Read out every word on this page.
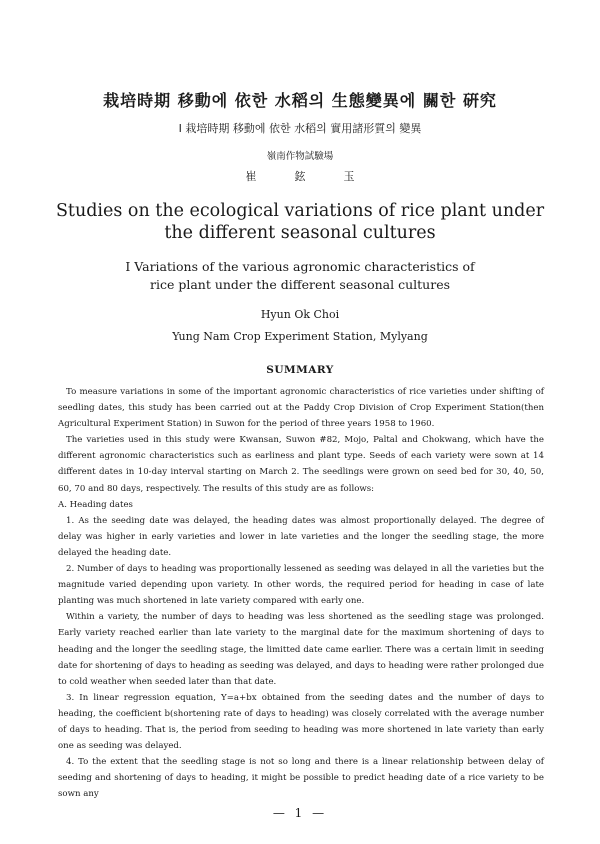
栽培時期 移動에 依한 水稻의 生態變異에 關한 硏究
I 栽培時期 移動에 依한 水稻의 實用諸形質의 變異
嶺南作物試驗場
崔鉉玉
Studies on the ecological variations of rice plant under
the different seasonal cultures
I Variations of the various agronomic characteristics of
rice plant under the different seasonal cultures
Hyun Ok Choi
Yung Nam Crop Experiment Station, Mylyang
SUMMARY

To measure variations in some of the important agronomic characteristics of rice varieties under shifting of seedling dates, this study has been carried out at the Paddy Crop Division of Crop Experiment Station(then Agricultural Experiment Station) in Suwon for the period of three years 1958 to 1960.

The varieties used in this study were Kwansan, Suwon #82, Mojo, Paltal and Chokwang, which have the different agronomic characteristics such as earliness and plant type. Seeds of each variety were sown at 14 different dates in 10-day interval starting on March 2. The seedlings were grown on seed bed for 30, 40, 50, 60, 70 and 80 days, respectively. The results of this study are as follows:

A. Heading dates

1. As the seeding date was delayed, the heading dates was almost proportionally delayed. The degree of delay was higher in early varieties and lower in late varieties and the longer the seedling stage, the more delayed the heading date.

2. Number of days to heading was proportionally lessened as seeding was delayed in all the varieties but the magnitude varied depending upon variety. In other words, the required period for heading in case of late planting was much shortened in late variety compared with early one.

Within a variety, the number of days to heading was less shortened as the seedling stage was prolonged. Early variety reached earlier than late variety to the marginal date for the maximum shortening of days to heading and the longer the seedling stage, the limitted date came earlier. There was a certain limit in seeding date for shortening of days to heading as seeding was delayed, and days to heading were rather prolonged due to cold weather when seeded later than that date.

3. In linear regression equation, Y=a+bx obtained from the seeding dates and the number of days to heading, the coefficient b(shortening rate of days to heading) was closely correlated with the average number of days to heading. That is, the period from seeding to heading was more shortened in late variety than early one as seeding was delayed.

4. To the extent that the seedling stage is not so long and there is a linear relationship between delay of seeding and shortening of days to heading, it might be possible to predict heading date of a rice variety to be sown any

— 1 —
